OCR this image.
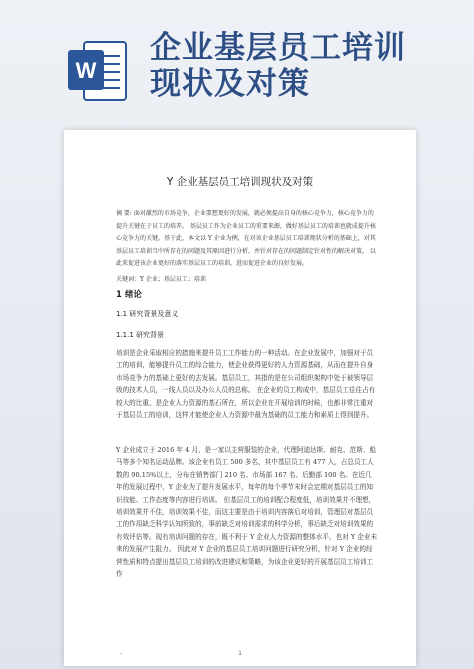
W
企业基层员工培训
现状及对策
Y 企业基层员工培训现状及对策
摘 要: 面对激烈的市场竞争，企业要想更好的发展，就必须提高自身的核心竞争力，核心竞争力的提升关键在于员工的培养。 基层员工作为企业员工的重要来源，做好基层员工的培训也就成提升核心竞争力的关键。基于此，本文以 Y 企业为例，在对该企业基层员工培训现状分析的基础上，对其基层员工培训当中所存在的问题及其原因进行分析，并针对存在的问题制定针对性的解决对策， 以此来促进该企业更好的落实基层员工的培训，进而促进企业的良好发展。
关键词：Y 企业；基层员工；培训
1 绪论
1.1 研究背景及意义
1.1.1 研究背景
培训是企业采取相应的措施来提升员工工作能力的一种活动。在企业发展中，加强对于员工的培训，能够提升员工的综合能力，使企业获得更好的人力资源基础，从而在提升自身市场竞争力的基础上更好的去发展。基层员工，其指的是在公司组织架构中处于被领导层级的技术人员，一线人员以及办公人员的总称。 在企业的员工构成中，基层员工往往占有较大的比重，是企业人力资源的基石所在，所以企业在开展培训的时候，也都非常注重对于基层员工的培训，这样才能使企业人力资源中最为基础的员工能力和素质上得到提升。
Y 企业成立于 2016 年 4 月，是一家以主营服装的企业，代理阿迪达斯、耐克、范斯、彪马等多个知名运动品牌。该企业有员工 500 多名，其中基层员工有 477 人，占总员工人数的 90.15%以上，分布在销售部门 210 名、市场部 167 名、后勤部 100 名。在近几年的发展过程中，Y 企业为了提升发展水平，每年的每个季节末时会定期对基层员工的知识技能、工作态度等内容进行培训。 但基层员工的培训配合程度低，培训效果并不理想，培训效果并不佳，培训效果不佳，而这主要是由于培训内容落后对培训，管理层对基层员工的作用缺乏科学认知所致的，事前缺乏对培训需求的科学分析，事后缺乏对培训效果的有效评估等。现有培训问题的存在，既不利于 Y 企业人力资源的整体水平，也对 Y 企业未来的发展产生阻力。 因此对 Y 企业的基层员工培训问题进行研究分析，针对 Y 企业的经营性质和特点提出基层员工培训的改进建议和策略，为该企业更好的开展基层员工培训工作
-	1
